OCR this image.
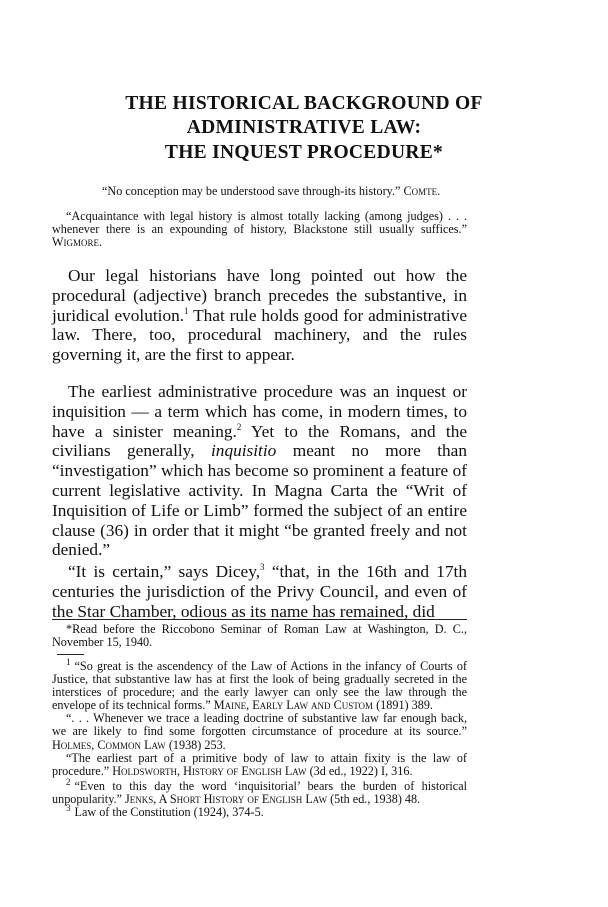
THE HISTORICAL BACKGROUND OF
ADMINISTRATIVE LAW:
THE INQUEST PROCEDURE*
“No conception may be understood save through-its history.” Comte.
“Acquaintance with legal history is almost totally lacking (among judges) . . . whenever there is an expounding of history, Blackstone still usually suffices.” Wigmore.

Our legal historians have long pointed out how the procedural (adjective) branch precedes the substantive, in juridical evolution.$^1$ That rule holds good for administrative law. There, too, procedural machinery, and the rules governing it, are the first to appear.

The earliest administrative procedure was an inquest or inquisition — a term which has come, in modern times, to have a sinister meaning.$^2$ Yet to the Romans, and the civilians generally, inquisitio meant no more than “investigation” which has become so prominent a feature of current legislative activity. In Magna Carta the “Writ of Inquisition of Life or Limb” formed the subject of an entire clause (36) in order that it might “be granted freely and not denied.”

“It is certain,” says Dicey,$^3$ “that, in the 16th and 17th centuries the jurisdiction of the Privy Council, and even of the Star Chamber, odious as its name has remained, did

*Read before the Riccobono Seminar of Roman Law at Washington, D. C., November 15, 1940.

$^1$ “So great is the ascendency of the Law of Actions in the infancy of Courts of Justice, that substantive law has at first the look of being gradually secreted in the interstices of procedure; and the early lawyer can only see the law through the envelope of its technical forms.” Maine, Early Law and Custom (1891) 389.

“. . . Whenever we trace a leading doctrine of substantive law far enough back, we are likely to find some forgotten circumstance of procedure at its source.” Holmes, Common Law (1938) 253.

“The earliest part of a primitive body of law to attain fixity is the law of procedure.” Holdsworth, History of English Law (3d ed., 1922) I, 316.

$^2$ “Even to this day the word ‘inquisitorial’ bears the burden of historical unpopularity.” Jenks, A Short History of English Law (5th ed., 1938) 48.

$^3$ Law of the Constitution (1924), 374-5.
